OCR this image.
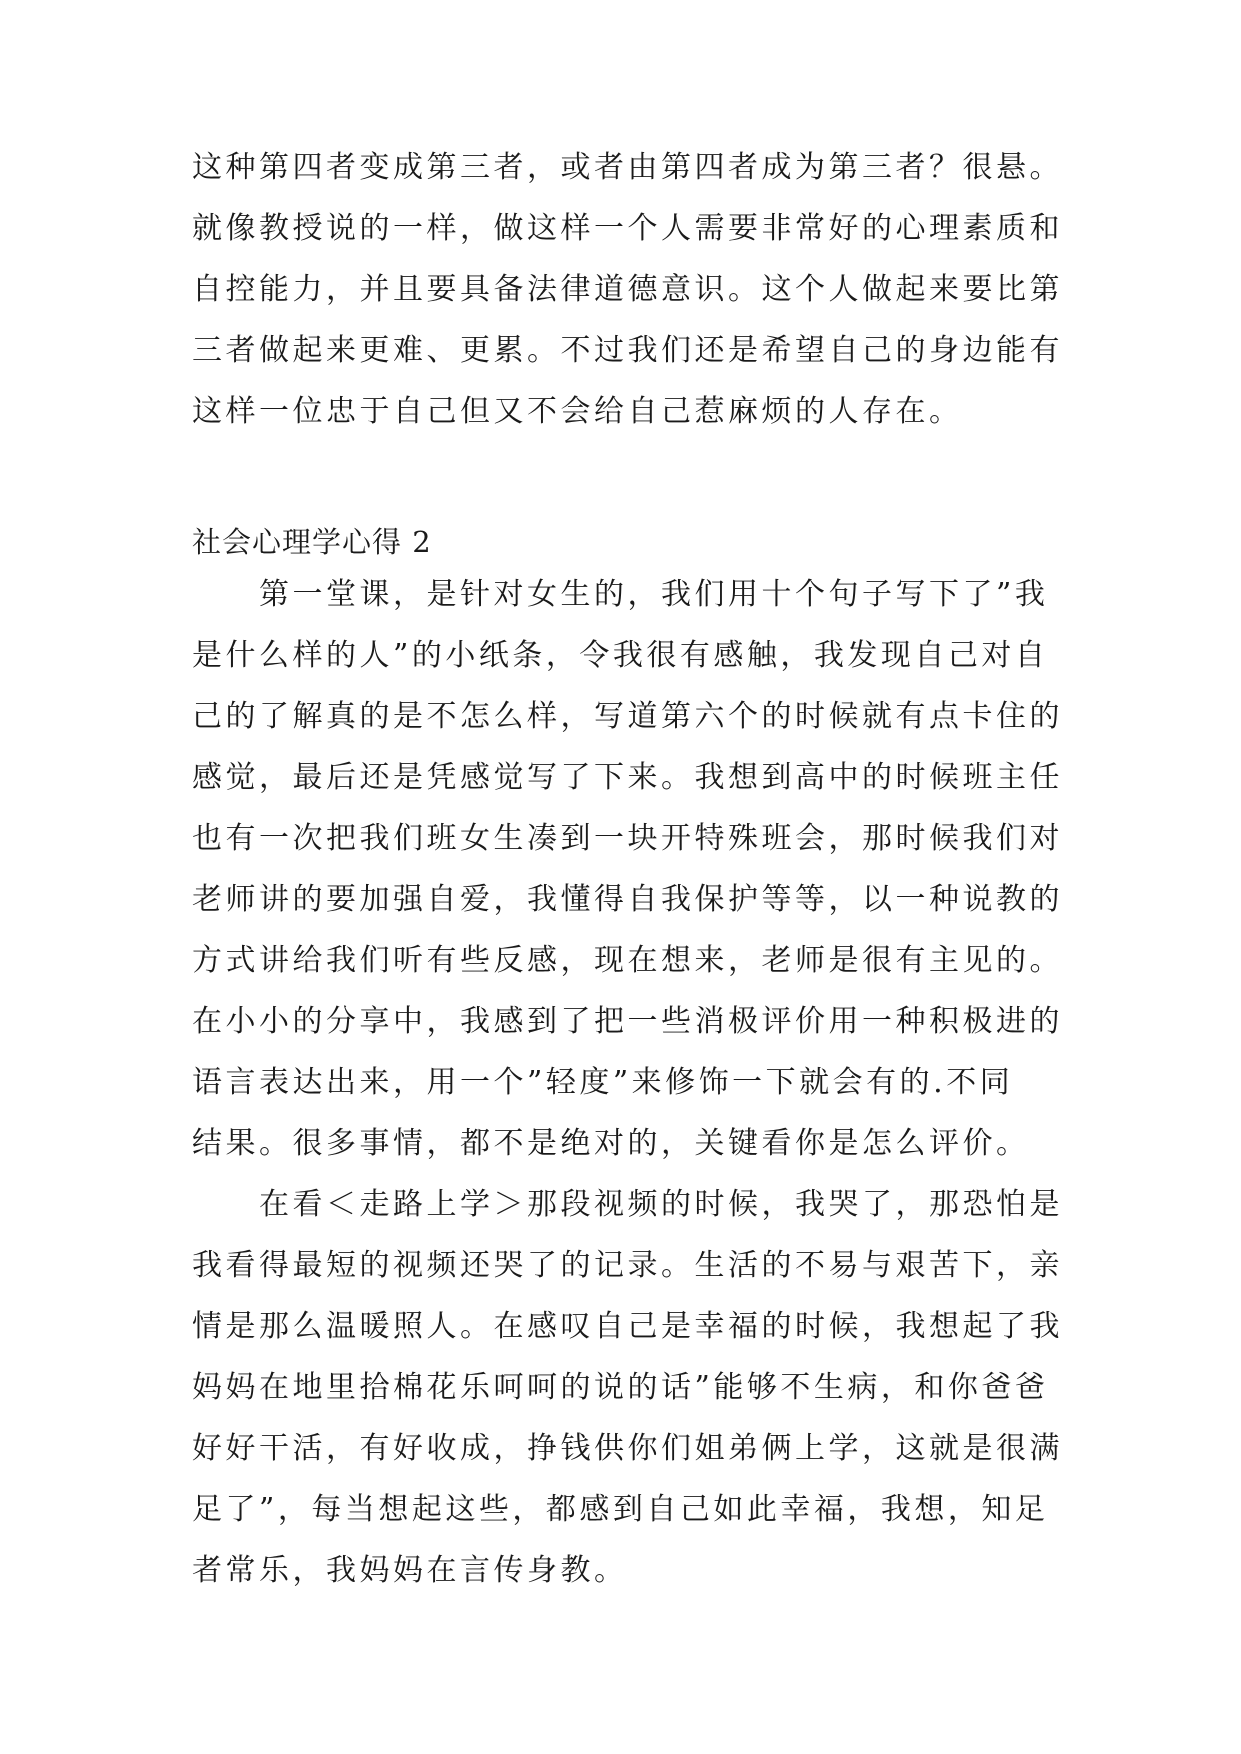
这种第四者变成第三者，或者由第四者成为第三者？很悬。
就像教授说的一样，做这样一个人需要非常好的心理素质和
自控能力，并且要具备法律道德意识。这个人做起来要比第
三者做起来更难、更累。不过我们还是希望自己的身边能有
这样一位忠于自己但又不会给自己惹麻烦的人存在。
社会心理学心得 2
　　第一堂课，是针对女生的，我们用十个句子写下了”我
是什么样的人”的小纸条，令我很有感触，我发现自己对自
己的了解真的是不怎么样，写道第六个的时候就有点卡住的
感觉，最后还是凭感觉写了下来。我想到高中的时候班主任
也有一次把我们班女生凑到一块开特殊班会，那时候我们对
老师讲的要加强自爱，我懂得自我保护等等，以一种说教的
方式讲给我们听有些反感，现在想来，老师是很有主见的。
在小小的分享中，我感到了把一些消极评价用一种积极进的
语言表达出来，用一个”轻度”来修饰一下就会有的.不同
结果。很多事情，都不是绝对的，关键看你是怎么评价。
　　在看＜走路上学＞那段视频的时候，我哭了，那恐怕是
我看得最短的视频还哭了的记录。生活的不易与艰苦下，亲
情是那么温暖照人。在感叹自己是幸福的时候，我想起了我
妈妈在地里拾棉花乐呵呵的说的话”能够不生病，和你爸爸
好好干活，有好收成，挣钱供你们姐弟俩上学，这就是很满
足了”，每当想起这些，都感到自己如此幸福，我想，知足
者常乐，我妈妈在言传身教。
